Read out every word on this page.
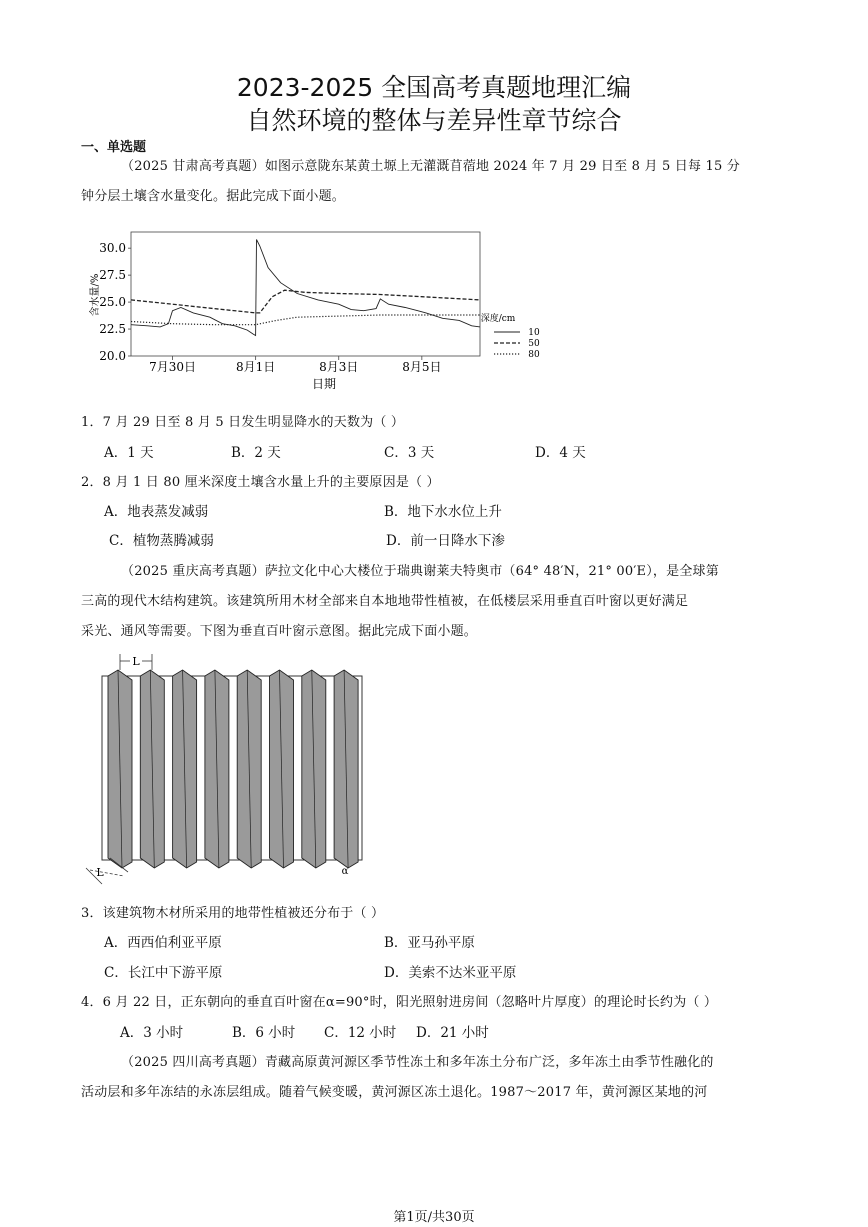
2023-2025 全国高考真题地理汇编
自然环境的整体与差异性章节综合
一、单选题
（2025 甘肃高考真题）如图示意陇东某黄土塬上无灌溉苜蓿地 2024 年 7 月 29 日至 8 月 5 日每 15 分
钟分层土壤含水量变化。据此完成下面小题。
30.0
27.5
25.0
22.5
20.0
7月30日	8月1日	8月3日	8月5日
含水量/%
日期
深度/cm
10
50
80
1．7 月 29 日至 8 月 5 日发生明显降水的天数为（ ）
A．1 天	B．2 天	C．3 天	D．4 天
2．8 月 1 日 80 厘米深度土壤含水量上升的主要原因是（ ）
A．地表蒸发减弱	B．地下水水位上升
C．植物蒸腾减弱	D．前一日降水下渗
（2025 重庆高考真题）萨拉文化中心大楼位于瑞典谢莱夫特奥市（64° 48′N，21° 00′E），是全球第
三高的现代木结构建筑。该建筑所用木材全部来自本地地带性植被，在低楼层采用垂直百叶窗以更好满足
采光、通风等需要。下图为垂直百叶窗示意图。据此完成下面小题。
L
L	α
3．该建筑物木材所采用的地带性植被还分布于（ ）
A．西西伯利亚平原	B．亚马孙平原
C．长江中下游平原	D．美索不达米亚平原
4．6 月 22 日，正东朝向的垂直百叶窗在α=90°时，阳光照射进房间（忽略叶片厚度）的理论时长约为（ ）
A．3 小时	B．6 小时 C．12 小时 D．21 小时
（2025 四川高考真题）青藏高原黄河源区季节性冻土和多年冻土分布广泛，多年冻土由季节性融化的
活动层和多年冻结的永冻层组成。随着气候变暖，黄河源区冻土退化。1987～2017 年，黄河源区某地的河
第1页/共30页
